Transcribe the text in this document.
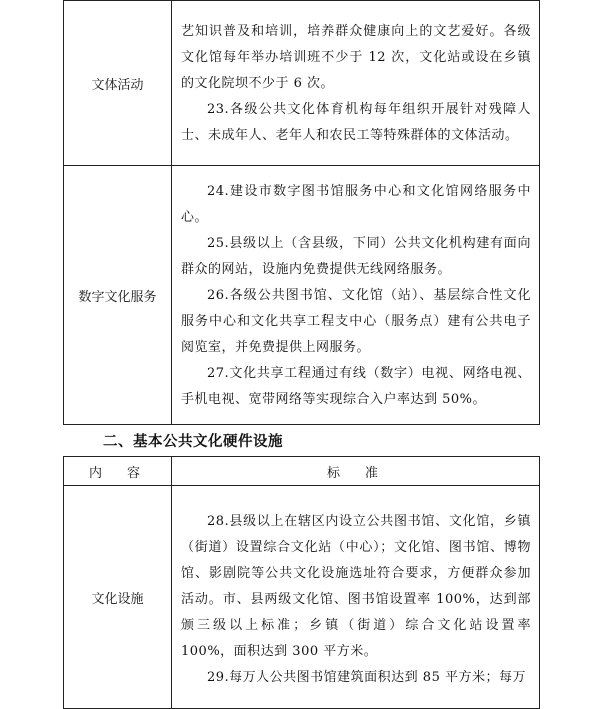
文体活动	艺知识普及和培训，培养群众健康向上的文艺爱好。各级文化馆每年举办培训班不少于 12 次，文化站或设在乡镇的文化院坝不少于 6 次。

23.各级公共文化体育机构每年组织开展针对残障人士、未成年人、老年人和农民工等特殊群体的文体活动。

数字文化服务	24.建设市数字图书馆服务中心和文化馆网络服务中心。

25.县级以上（含县级，下同）公共文化机构建有面向群众的网站，设施内免费提供无线网络服务。

26.各级公共图书馆、文化馆（站）、基层综合性文化服务中心和文化共享工程支中心（服务点）建有公共电子阅览室，并免费提供上网服务。

27.文化共享工程通过有线（数字）电视、网络电视、手机电视、宽带网络等实现综合入户率达到 50%。

二、基本公共文化硬件设施
内　容	标　准
文化设施	28.县级以上在辖区内设立公共图书馆、文化馆，乡镇（街道）设置综合文化站（中心）；文化馆、图书馆、博物馆、影剧院等公共文化设施选址符合要求，方便群众参加活动。市、县两级文化馆、图书馆设置率 100%，达到部颁三级以上标准；乡镇（街道）综合文化站设置率 100%，面积达到 300 平方米。

29.每万人公共图书馆建筑面积达到 85 平方米；每万
